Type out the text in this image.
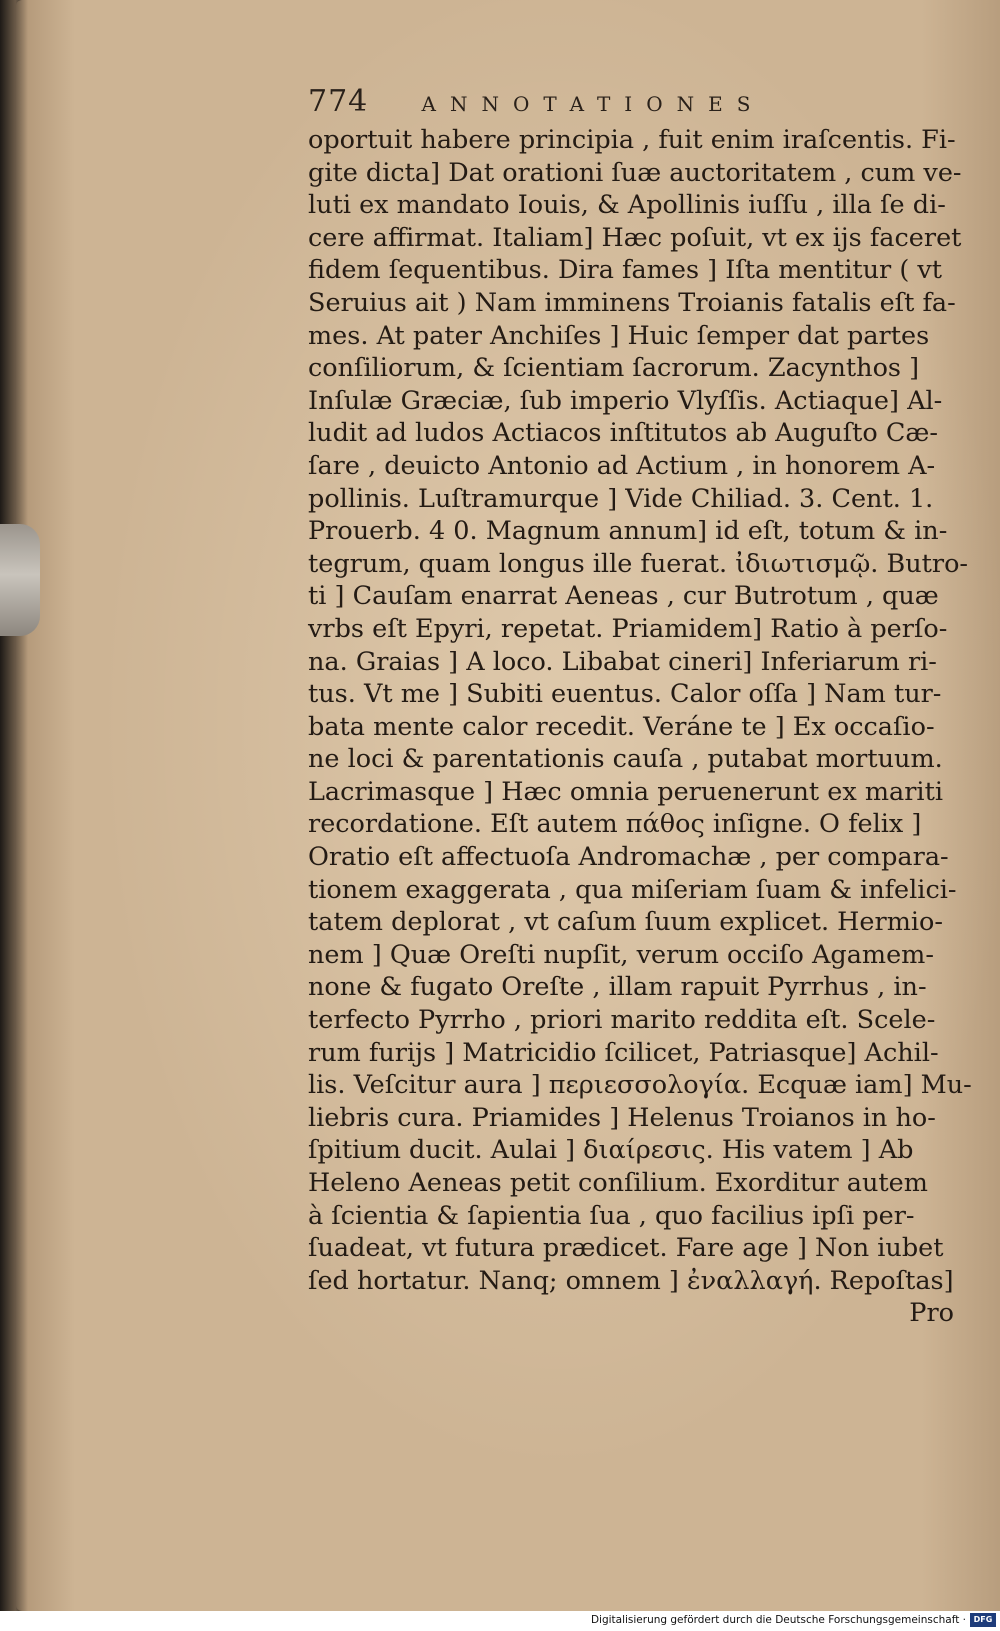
774	ANNOTATIONES
oportuit habere principia , fuit enim iraſcentis. Fi-
gite dicta] Dat orationi ſuæ auctoritatem , cum ve-
luti ex mandato Iouis, & Apollinis iuſſu , illa ſe di-
cere affirmat. Italiam] Hæc poſuit, vt ex ijs faceret
fidem ſequentibus. Dira fames ] Iſta mentitur ( vt
Seruius ait ) Nam imminens Troianis fatalis eſt fa-
mes. At pater Anchiſes ] Huic ſemper dat partes
conſiliorum, & ſcientiam ſacrorum. Zacynthos ]
Inſulæ Græciæ, ſub imperio Vlyſſis. Actiaque] Al-
ludit ad ludos Actiacos inſtitutos ab Auguſto Cæ-
ſare , deuicto Antonio ad Actium , in honorem A-
pollinis. Luſtramurque ] Vide Chiliad. 3. Cent. 1.
Prouerb. 4 0. Magnum annum] id eſt, totum & in-
tegrum, quam longus ille fuerat. ἰδιωτισμῷ. Butro-
ti ] Cauſam enarrat Aeneas , cur Butrotum , quæ
vrbs eſt Epyri, repetat. Priamidem] Ratio à perſo-
na. Graias ] A loco. Libabat cineri] Inferiarum ri-
tus. Vt me ] Subiti euentus. Calor oſſa ] Nam tur-
bata mente calor recedit. Veráne te ] Ex occaſio-
ne loci & parentationis cauſa , putabat mortuum.
Lacrimasque ] Hæc omnia peruenerunt ex mariti
recordatione. Eſt autem πάθος inſigne. O felix ]
Oratio eſt affectuoſa Andromachæ , per compara-
tionem exaggerata , qua miſeriam ſuam & infelici-
tatem deplorat , vt caſum ſuum explicet. Hermio-
nem ] Quæ Oreſti nupſit, verum occiſo Agamem-
none & fugato Oreſte , illam rapuit Pyrrhus , in-
terfecto Pyrrho , priori marito reddita eſt. Scele-
rum furijs ] Matricidio ſcilicet, Patriasque] Achil-
lis. Veſcitur aura ] περιεσσολογία. Ecquæ iam] Mu-
liebris cura. Priamides ] Helenus Troianos in ho-
ſpitium ducit. Aulai ] διαίρεσις. His vatem ] Ab
Heleno Aeneas petit conſilium. Exorditur autem
à ſcientia & ſapientia ſua , quo facilius ipſi per-
ſuadeat, vt futura prædicet. Fare age ] Non iubet
ſed hortatur. Nanq; omnem ] ἐναλλαγή. Repoſtas]
Pro
Digitalisierung gefördert durch die Deutsche Forschungsgemeinschaft · DFG
